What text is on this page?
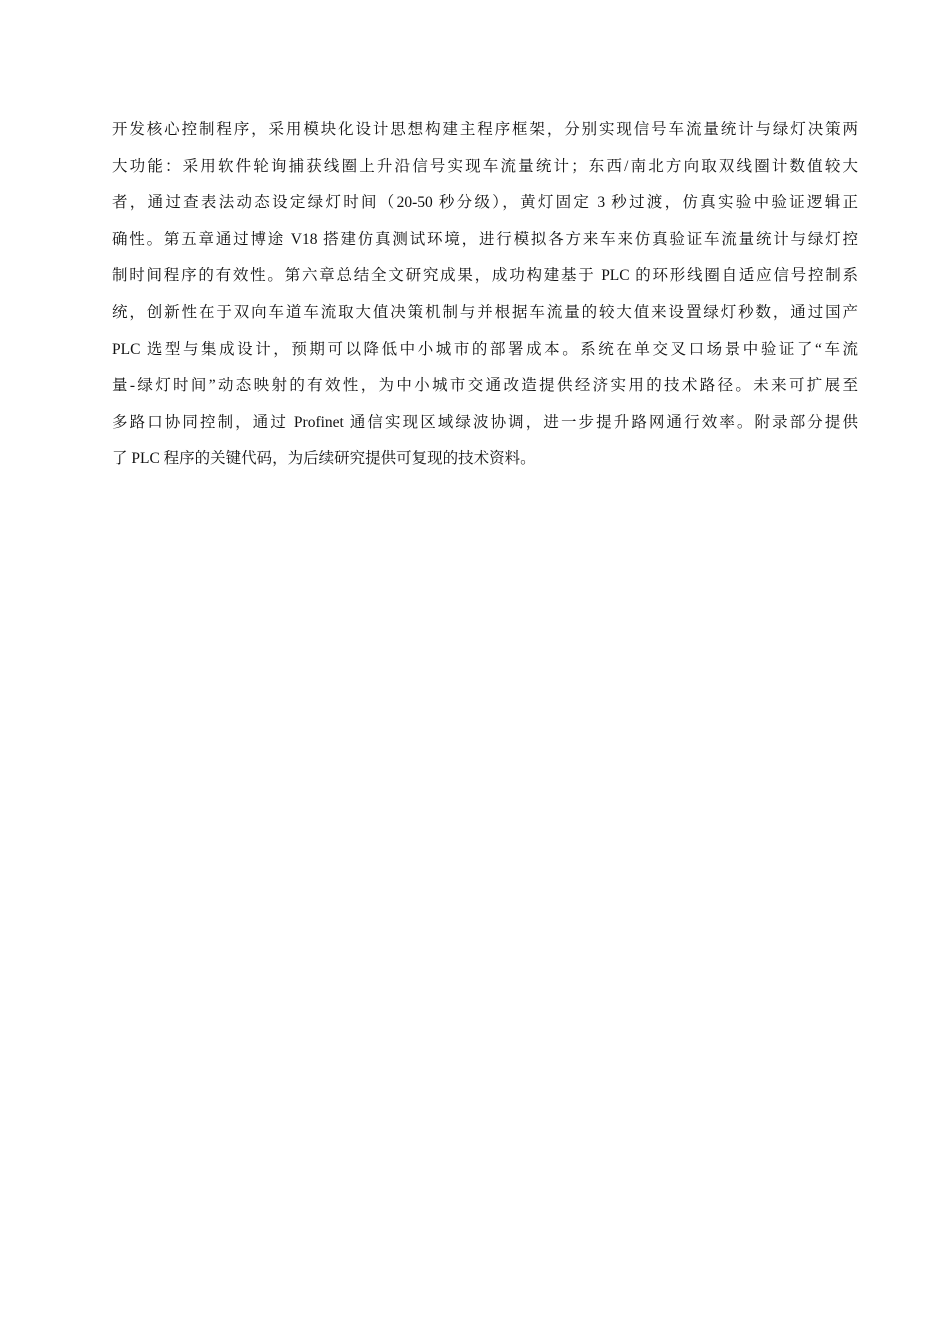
开发核心控制程序，采用模块化设计思想构建主程序框架，分别实现信号车流量统计与绿灯决策两
大功能：采用软件轮询捕获线圈上升沿信号实现车流量统计；东西/南北方向取双线圈计数值较大
者，通过查表法动态设定绿灯时间（20-50 秒分级），黄灯固定 3 秒过渡，仿真实验中验证逻辑正
确性。第五章通过博途 V18 搭建仿真测试环境，进行模拟各方来车来仿真验证车流量统计与绿灯控
制时间程序的有效性。第六章总结全文研究成果，成功构建基于 PLC 的环形线圈自适应信号控制系
统，创新性在于双向车道车流取大值决策机制与并根据车流量的较大值来设置绿灯秒数，通过国产
PLC 选型与集成设计，预期可以降低中小城市的部署成本。系统在单交叉口场景中验证了“车流
量-绿灯时间”动态映射的有效性，为中小城市交通改造提供经济实用的技术路径。未来可扩展至
多路口协同控制，通过 Profinet 通信实现区域绿波协调，进一步提升路网通行效率。附录部分提供
了 PLC 程序的关键代码，为后续研究提供可复现的技术资料。
